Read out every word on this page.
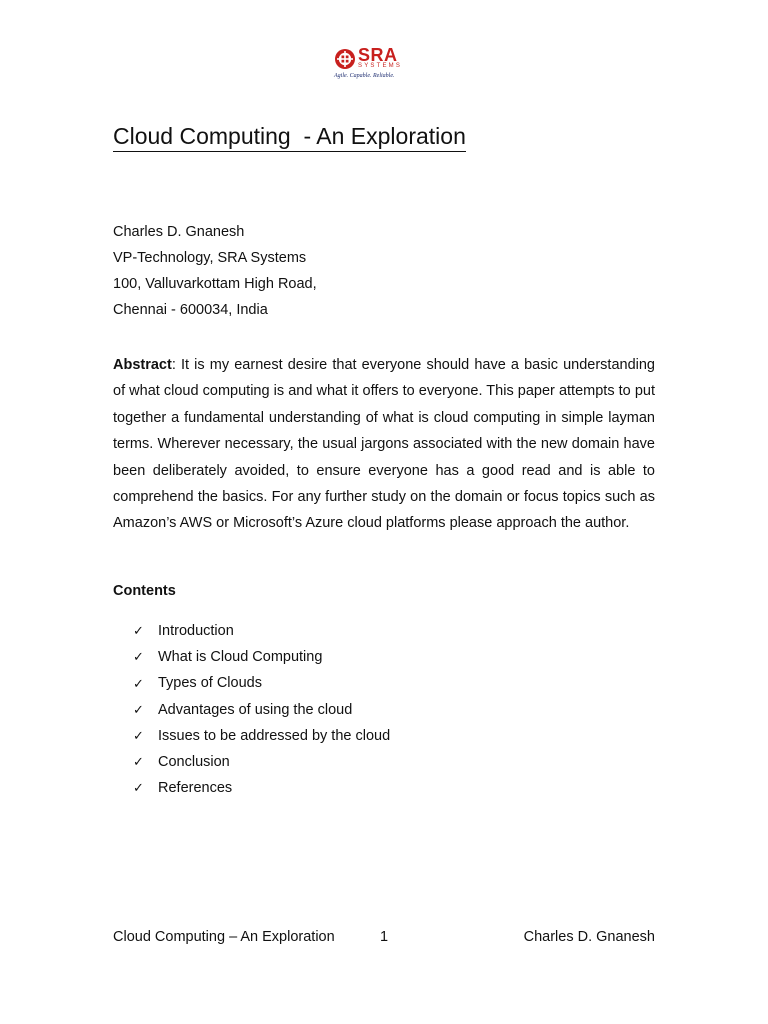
SRA
SYSTEMS
Agile. Capable. Reliable.
Cloud Computing  - An Exploration
Charles D. Gnanesh
VP-Technology, SRA Systems
100, Valluvarkottam High Road,
Chennai - 600034, India
Abstract: It is my earnest desire that everyone should have a basic understanding of what cloud computing is and what it offers to everyone. This paper attempts to put together a fundamental understanding of what is cloud computing in simple layman terms. Wherever necessary, the usual jargons associated with the new domain have been deliberately avoided, to ensure everyone has a good read and is able to comprehend the basics. For any further study on the domain or focus topics such as Amazon’s AWS or Microsoft’s Azure cloud platforms please approach the author.
Contents
✓ Introduction
✓ What is Cloud Computing
✓ Types of Clouds
✓ Advantages of using the cloud
✓ Issues to be addressed by the cloud
✓ Conclusion
✓ References
Cloud Computing – An Exploration	1	Charles D. Gnanesh
